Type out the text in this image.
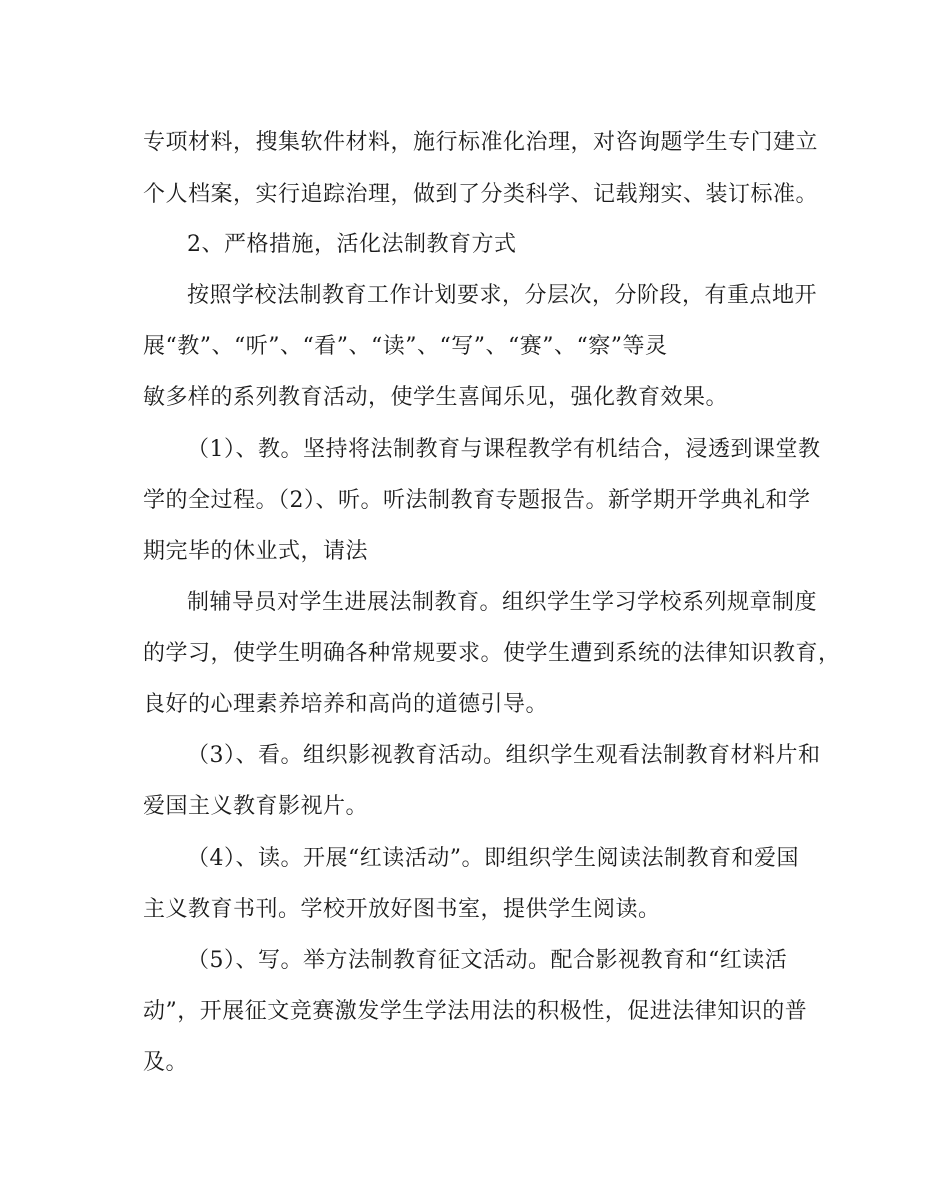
专项材料，搜集软件材料，施行标准化治理，对咨询题学生专门建立
个人档案，实行追踪治理，做到了分类科学、记载翔实、装订标准。
2、严格措施，活化法制教育方式
按照学校法制教育工作计划要求，分层次，分阶段，有重点地开
展“教”、“听”、“看”、“读”、“写”、“赛”、“察”等灵
敏多样的系列教育活动，使学生喜闻乐见，强化教育效果。
（1）、教。坚持将法制教育与课程教学有机结合，浸透到课堂教
学的全过程。（2）、听。听法制教育专题报告。新学期开学典礼和学
期完毕的休业式，请法
制辅导员对学生进展法制教育。组织学生学习学校系列规章制度
的学习，使学生明确各种常规要求。使学生遭到系统的法律知识教育，
良好的心理素养培养和高尚的道德引导。
（3）、看。组织影视教育活动。组织学生观看法制教育材料片和
爱国主义教育影视片。
（4）、读。开展“红读活动”。即组织学生阅读法制教育和爱国
主义教育书刊。学校开放好图书室，提供学生阅读。
（5）、写。举方法制教育征文活动。配合影视教育和“红读活
动”，开展征文竞赛激发学生学法用法的积极性，促进法律知识的普
及。
